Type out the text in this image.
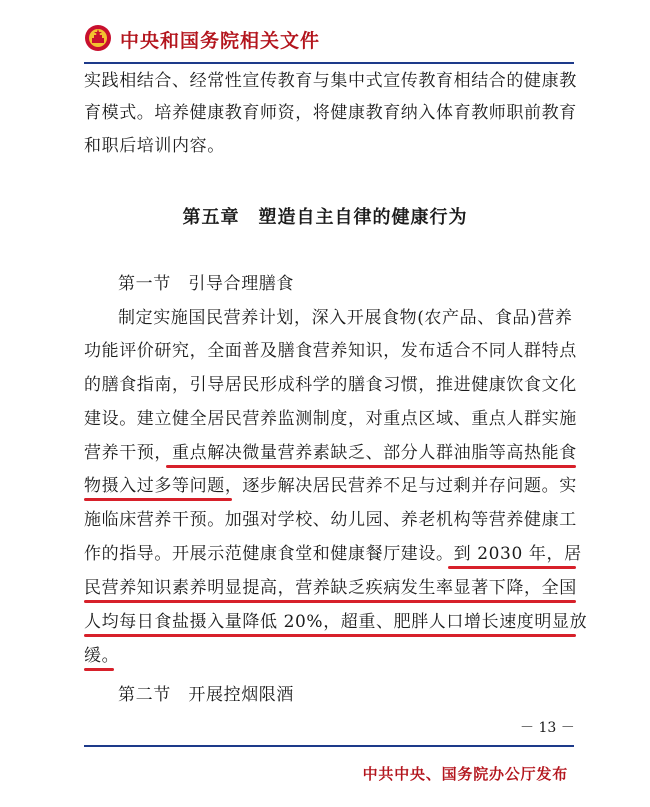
中央和国务院相关文件
实践相结合、经常性宣传教育与集中式宣传教育相结合的健康教
育模式。培养健康教育师资，将健康教育纳入体育教师职前教育
和职后培训内容。
第五章　塑造自主自律的健康行为
第一节　引导合理膳食
制定实施国民营养计划，深入开展食物(农产品、食品)营养
功能评价研究，全面普及膳食营养知识，发布适合不同人群特点
的膳食指南，引导居民形成科学的膳食习惯，推进健康饮食文化
建设。建立健全居民营养监测制度，对重点区域、重点人群实施
营养干预，重点解决微量营养素缺乏、部分人群油脂等高热能食
物摄入过多等问题，逐步解决居民营养不足与过剩并存问题。实
施临床营养干预。加强对学校、幼儿园、养老机构等营养健康工
作的指导。开展示范健康食堂和健康餐厅建设。到 2030 年，居
民营养知识素养明显提高，营养缺乏疾病发生率显著下降，全国
人均每日食盐摄入量降低 20%，超重、肥胖人口增长速度明显放
缓。
第二节　开展控烟限酒
－ 13 －
中共中央、国务院办公厅发布
